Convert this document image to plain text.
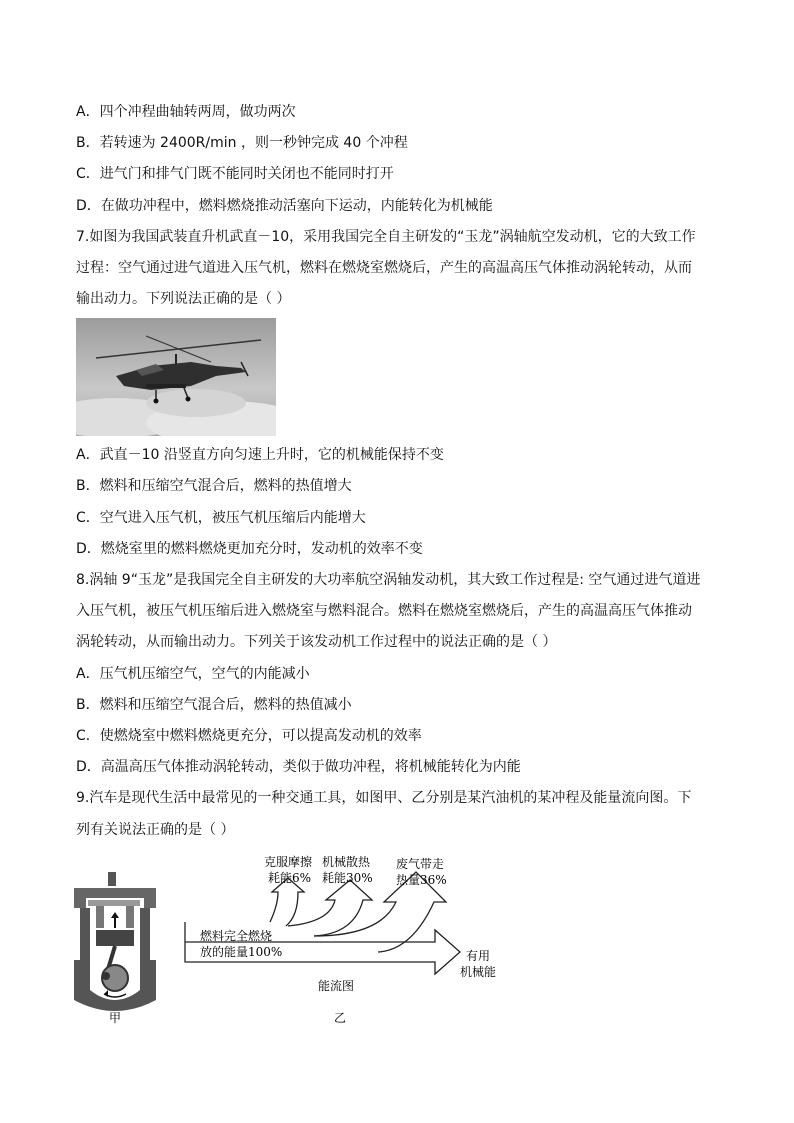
A．四个冲程曲轴转两周，做功两次
B．若转速为 2400R/min ，则一秒钟完成 40 个冲程
C．进气门和排气门既不能同时关闭也不能同时打开
D．在做功冲程中，燃料燃烧推动活塞向下运动，内能转化为机械能
7.如图为我国武装直升机武直－10，采用我国完全自主研发的“玉龙”涡轴航空发动机，它的大致工作
过程：空气通过进气道进入压气机，燃料在燃烧室燃烧后，产生的高温高压气体推动涡轮转动，从而
输出动力。下列说法正确的是（ ）
A．武直－10 沿竖直方向匀速上升时，它的机械能保持不变
B．燃料和压缩空气混合后，燃料的热值增大
C．空气进入压气机，被压气机压缩后内能增大
D．燃烧室里的燃料燃烧更加充分时，发动机的效率不变
8.涡轴 9“玉龙”是我国完全自主研发的大功率航空涡轴发动机，其大致工作过程是: 空气通过进气道进
入压气机，被压气机压缩后进入燃烧室与燃料混合。燃料在燃烧室燃烧后，产生的高温高压气体推动
涡轮转动，从而输出动力。下列关于该发动机工作过程中的说法正确的是（ ）
A．压气机压缩空气，空气的内能减小
B．燃料和压缩空气混合后，燃料的热值减小
C．使燃烧室中燃料燃烧更充分，可以提高发动机的效率
D．高温高压气体推动涡轮转动，类似于做功冲程，将机械能转化为内能
9.汽车是现代生活中最常见的一种交通工具，如图甲、乙分别是某汽油机的某冲程及能量流向图。下
列有关说法正确的是（ ）
甲
燃料完全燃烧
放的能量100%
克服摩擦
耗能6%
机械散热
耗能30%
废气带走
热量36%
有用
机械能
能流图
乙
